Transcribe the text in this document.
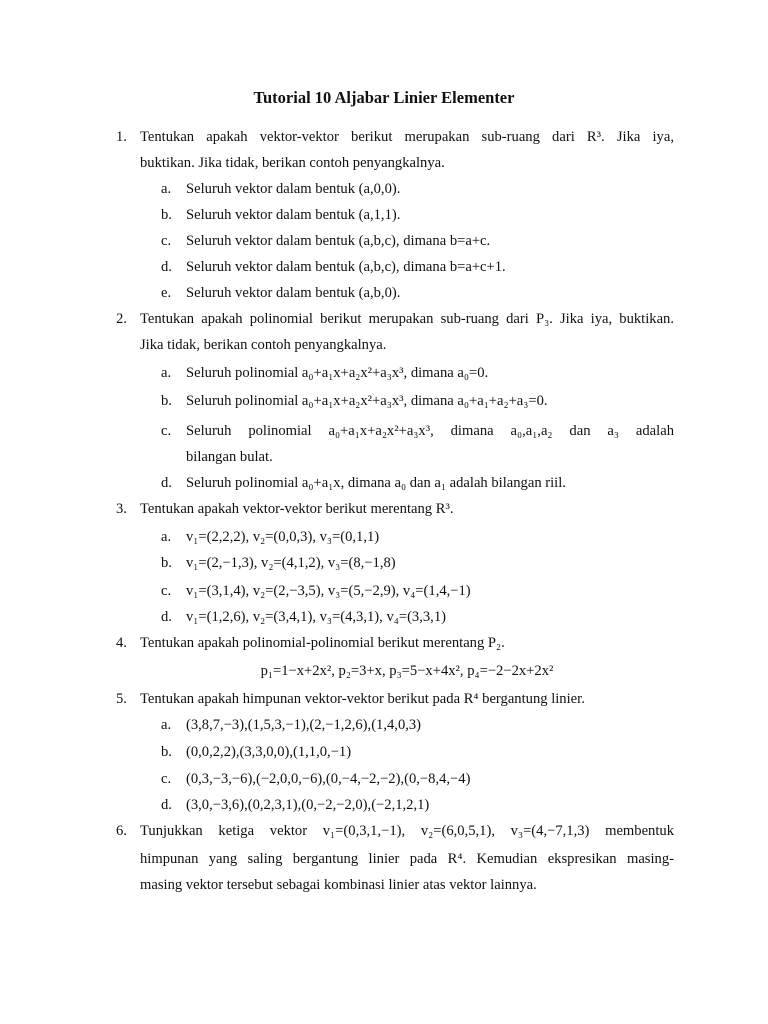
Tutorial 10 Aljabar Linier Elementer
1. Tentukan apakah vektor-vektor berikut merupakan sub-ruang dari R³. Jika iya,
buktikan. Jika tidak, berikan contoh penyangkalnya.
a. Seluruh vektor dalam bentuk (a,0,0).
b. Seluruh vektor dalam bentuk (a,1,1).
c. Seluruh vektor dalam bentuk (a,b,c), dimana b=a+c.
d. Seluruh vektor dalam bentuk (a,b,c), dimana b=a+c+1.
e. Seluruh vektor dalam bentuk (a,b,0).
2. Tentukan apakah polinomial berikut merupakan sub-ruang dari P₃. Jika iya, buktikan.
Jika tidak, berikan contoh penyangkalnya.
a. Seluruh polinomial a₀+a₁x+a₂x²+a₃x³, dimana a₀=0.
b. Seluruh polinomial a₀+a₁x+a₂x²+a₃x³, dimana a₀+a₁+a₂+a₃=0.
c. Seluruh polinomial a₀+a₁x+a₂x²+a₃x³, dimana a₀,a₁,a₂ dan a₃ adalah
bilangan bulat.
d. Seluruh polinomial a₀+a₁x, dimana a₀ dan a₁ adalah bilangan riil.
3. Tentukan apakah vektor-vektor berikut merentang R³.
a. v₁=(2,2,2), v₂=(0,0,3), v₃=(0,1,1)
b. v₁=(2,−1,3), v₂=(4,1,2), v₃=(8,−1,8)
c. v₁=(3,1,4), v₂=(2,−3,5), v₃=(5,−2,9), v₄=(1,4,−1)
d. v₁=(1,2,6), v₂=(3,4,1), v₃=(4,3,1), v₄=(3,3,1)
4. Tentukan apakah polinomial-polinomial berikut merentang P₂.
p₁=1−x+2x², p₂=3+x, p₃=5−x+4x², p₄=−2−2x+2x²
5. Tentukan apakah himpunan vektor-vektor berikut pada R⁴ bergantung linier.
a. (3,8,7,−3),(1,5,3,−1),(2,−1,2,6),(1,4,0,3)
b. (0,0,2,2),(3,3,0,0),(1,1,0,−1)
c. (0,3,−3,−6),(−2,0,0,−6),(0,−4,−2,−2),(0,−8,4,−4)
d. (3,0,−3,6),(0,2,3,1),(0,−2,−2,0),(−2,1,2,1)
6. Tunjukkan ketiga vektor v₁=(0,3,1,−1), v₂=(6,0,5,1), v₃=(4,−7,1,3) membentuk
himpunan yang saling bergantung linier pada R⁴. Kemudian ekspresikan masing-
masing vektor tersebut sebagai kombinasi linier atas vektor lainnya.
